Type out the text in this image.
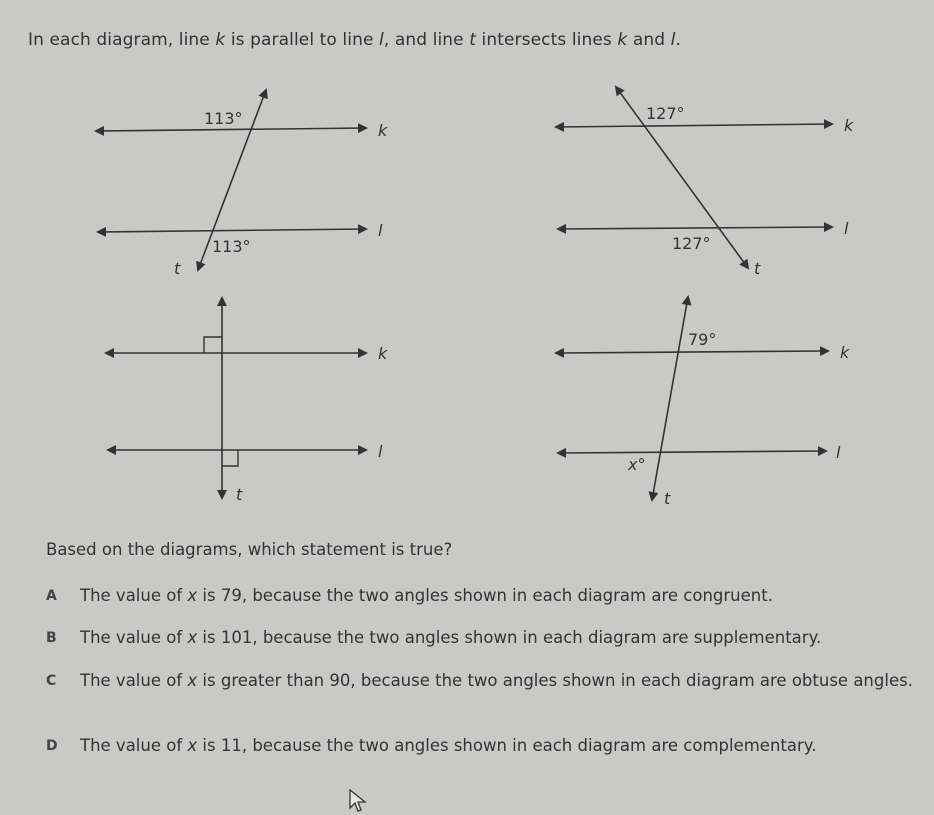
In each diagram, line k is parallel to line l, and line t intersects lines k and l.
113°
113°
k
l
t
127°
127°
k
l
t
k
l
t
79°
x°
k
l
t
Based on the diagrams, which statement is true?
A The value of x is 79, because the two angles shown in each diagram are congruent.
B The value of x is 101, because the two angles shown in each diagram are supplementary.
C The value of x is greater than 90, because the two angles shown in each diagram are obtuse angles.
D The value of x is 11, because the two angles shown in each diagram are complementary.
